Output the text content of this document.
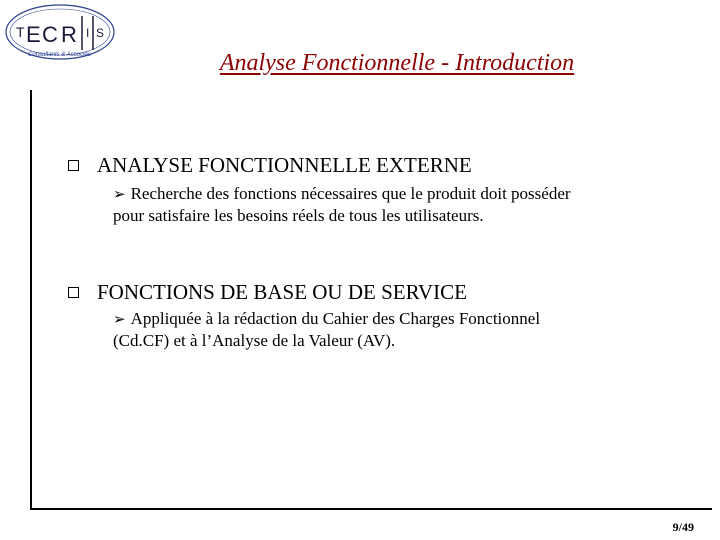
T E C R I S
Consultants & Associés	Analyse Fonctionnelle - Introduction
ANALYSE FONCTIONNELLE EXTERNE
➢ Recherche des fonctions nécessaires que le produit doit posséder
pour satisfaire les besoins réels de tous les utilisateurs.
FONCTIONS DE BASE OU DE SERVICE
➢ Appliquée à la rédaction du Cahier des Charges Fonctionnel
(Cd.CF) et à l’Analyse de la Valeur (AV).
9/49
